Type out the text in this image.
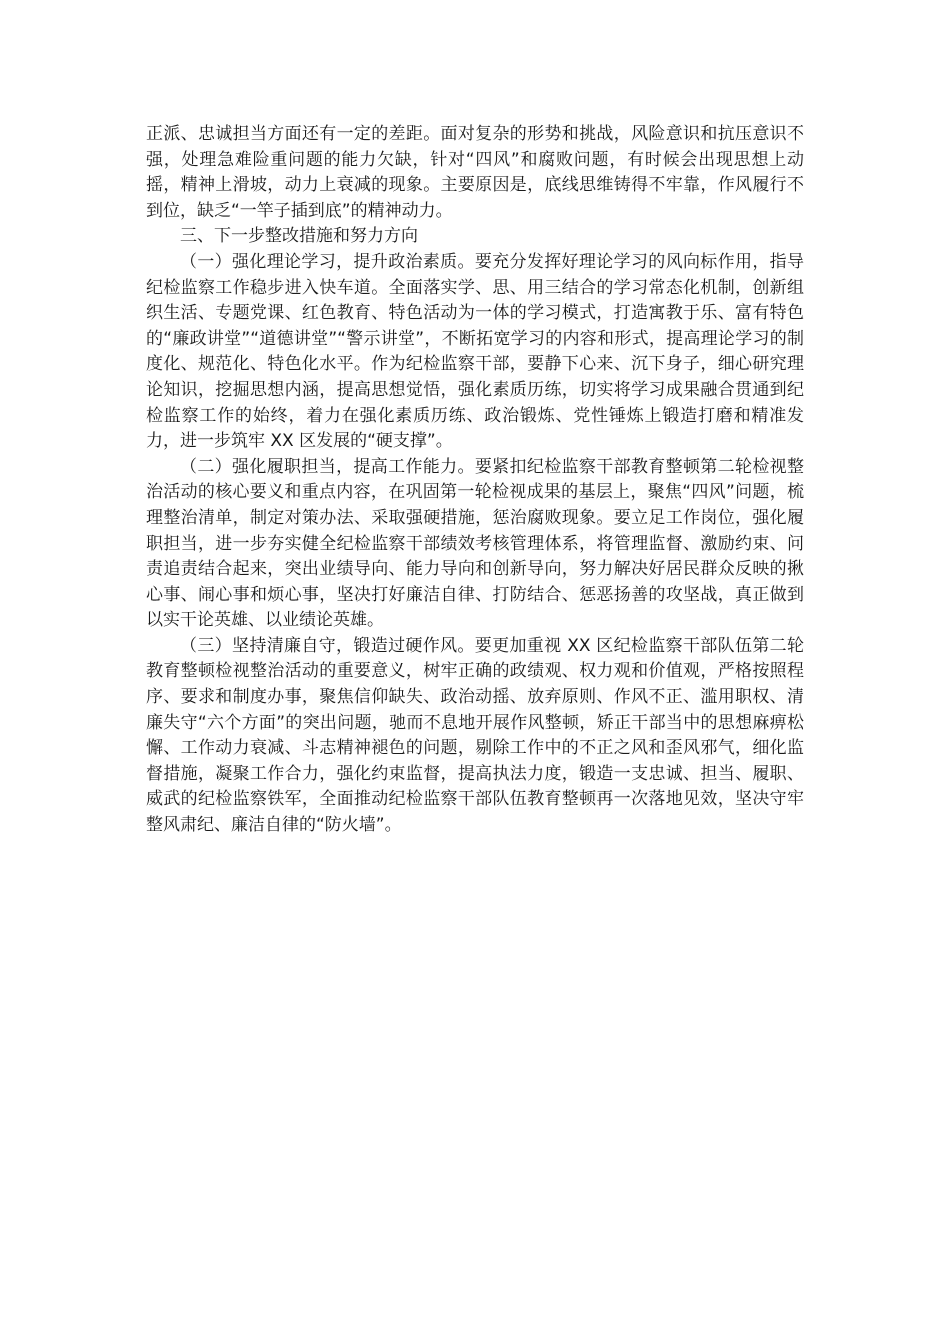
正派、忠诚担当方面还有一定的差距。面对复杂的形势和挑战，风险意识和抗压意识不强，处理急难险重问题的能力欠缺，针对“四风”和腐败问题，有时候会出现思想上动摇，精神上滑坡，动力上衰减的现象。主要原因是，底线思维铸得不牢靠，作风履行不到位，缺乏“一竿子插到底”的精神动力。

三、下一步整改措施和努力方向

（一）强化理论学习，提升政治素质。要充分发挥好理论学习的风向标作用，指导纪检监察工作稳步进入快车道。全面落实学、思、用三结合的学习常态化机制，创新组织生活、专题党课、红色教育、特色活动为一体的学习模式，打造寓教于乐、富有特色的“廉政讲堂”“道德讲堂”“警示讲堂”，不断拓宽学习的内容和形式，提高理论学习的制度化、规范化、特色化水平。作为纪检监察干部，要静下心来、沉下身子，细心研究理论知识，挖掘思想内涵，提高思想觉悟，强化素质历练，切实将学习成果融合贯通到纪检监察工作的始终，着力在强化素质历练、政治锻炼、党性锤炼上锻造打磨和精准发力，进一步筑牢 XX 区发展的“硬支撑”。

（二）强化履职担当，提高工作能力。要紧扣纪检监察干部教育整顿第二轮检视整治活动的核心要义和重点内容，在巩固第一轮检视成果的基层上，聚焦“四风”问题，梳理整治清单，制定对策办法、采取强硬措施，惩治腐败现象。要立足工作岗位，强化履职担当，进一步夯实健全纪检监察干部绩效考核管理体系，将管理监督、激励约束、问责追责结合起来，突出业绩导向、能力导向和创新导向，努力解决好居民群众反映的揪心事、闹心事和烦心事，坚决打好廉洁自律、打防结合、惩恶扬善的攻坚战，真正做到以实干论英雄、以业绩论英雄。

（三）坚持清廉自守，锻造过硬作风。要更加重视 XX 区纪检监察干部队伍第二轮教育整顿检视整治活动的重要意义，树牢正确的政绩观、权力观和价值观，严格按照程序、要求和制度办事，聚焦信仰缺失、政治动摇、放弃原则、作风不正、滥用职权、清廉失守“六个方面”的突出问题，驰而不息地开展作风整顿，矫正干部当中的思想麻痹松懈、工作动力衰减、斗志精神褪色的问题，剔除工作中的不正之风和歪风邪气，细化监督措施，凝聚工作合力，强化约束监督，提高执法力度，锻造一支忠诚、担当、履职、威武的纪检监察铁军，全面推动纪检监察干部队伍教育整顿再一次落地见效，坚决守牢整风肃纪、廉洁自律的“防火墙”。
